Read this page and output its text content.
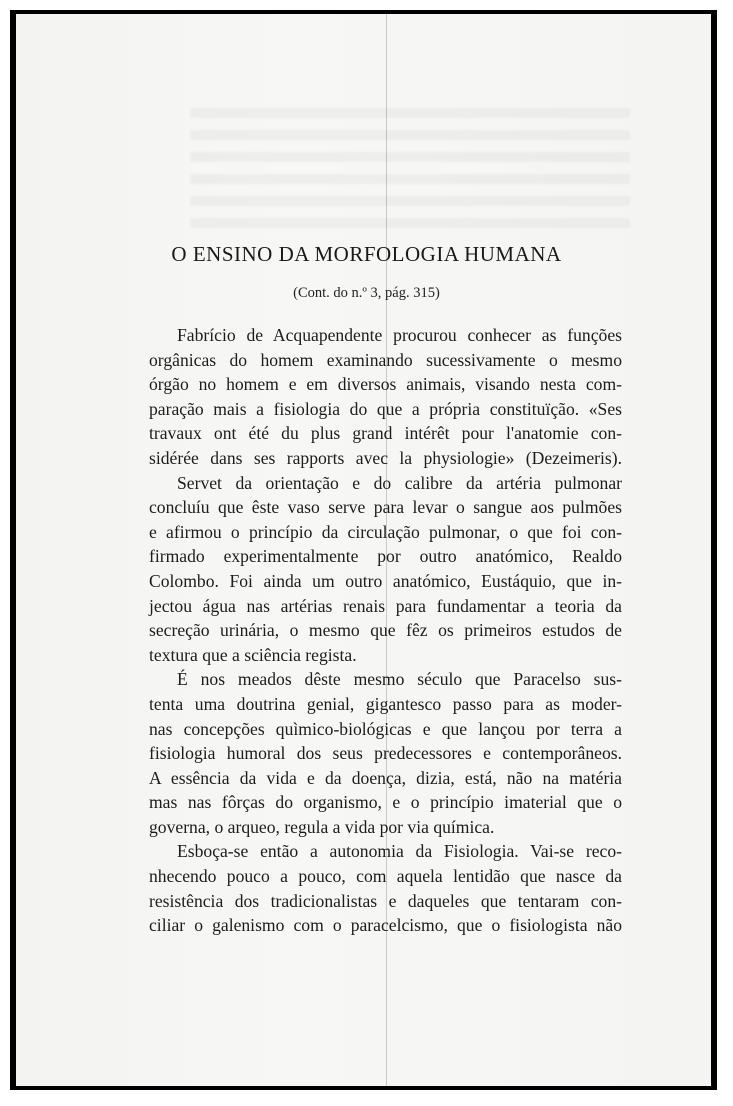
O ENSINO DA MORFOLOGIA HUMANA
(Cont. do n.º 3, pág. 315)
Fabrício de Acquapendente procurou conhecer as funções
orgânicas do homem examinando sucessivamente o mesmo
órgão no homem e em diversos animais, visando nesta com-
paração mais a fisiologia do que a própria constituïção. «Ses
travaux ont été du plus grand intérêt pour l'anatomie con-
sidérée dans ses rapports avec la physiologie» (Dezeimeris).
Servet da orientação e do calibre da artéria pulmonar
concluíu que êste vaso serve para levar o sangue aos pulmões
e afirmou o princípio da circulação pulmonar, o que foi con-
firmado experimentalmente por outro anatómico, Realdo
Colombo. Foi ainda um outro anatómico, Eustáquio, que in-
jectou água nas artérias renais para fundamentar a teoria da
secreção urinária, o mesmo que fêz os primeiros estudos de
textura que a sciência regista.
É nos meados dêste mesmo século que Paracelso sus-
tenta uma doutrina genial, gigantesco passo para as moder-
nas concepções quìmico-biológicas e que lançou por terra a
fisiologia humoral dos seus predecessores e contemporâneos.
A essência da vida e da doença, dizia, está, não na matéria
mas nas fôrças do organismo, e o princípio imaterial que o
governa, o arqueo, regula a vida por via química.
Esboça-se então a autonomia da Fisiologia. Vai-se reco-
nhecendo pouco a pouco, com aquela lentidão que nasce da
resistência dos tradicionalistas e daqueles que tentaram con-
ciliar o galenismo com o paracelcismo, que o fisiologista não
